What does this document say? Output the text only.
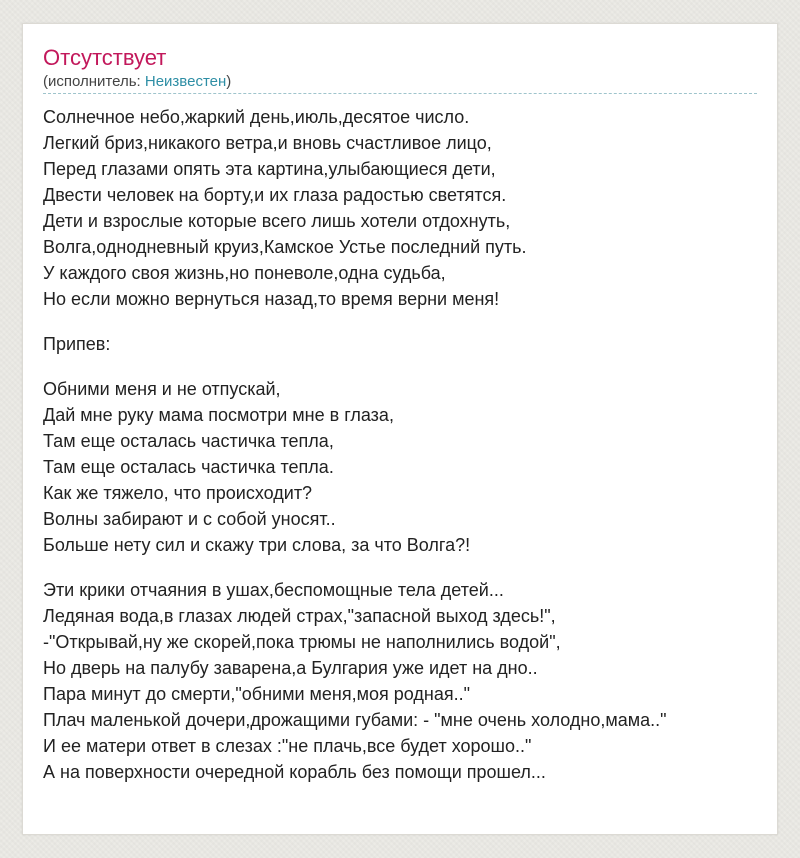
Отсутствует
(исполнитель: Неизвестен)
Солнечное небо,жаркий день,июль,десятое число.
Легкий бриз,никакого ветра,и вновь счастливое лицо,
Перед глазами опять эта картина,улыбающиеся дети,
Двести человек на борту,и их глаза радостью светятся.
Дети и взрослые которые всего лишь хотели отдохнуть,
Волга,однодневный круиз,Камское Устье последний путь.
У каждого своя жизнь,но поневоле,одна судьба,
Но если можно вернуться назад,то время верни меня!
Припев:
Обними меня и не отпускай,
Дай мне руку мама посмотри мне в глаза,
Там еще осталась частичка тепла,
Там еще осталась частичка тепла.
Как же тяжело, что происходит?
Волны забирают и с собой уносят..
Больше нету сил и скажу три слова, за что Волга?!
Эти крики отчаяния в ушах,беспомощные тела детей...
Ледяная вода,в глазах людей страх,"запасной выход здесь!",
-"Открывай,ну же скорей,пока трюмы не наполнились водой",
Но дверь на палубу заварена,а Булгария уже идет на дно..
Пара минут до смерти,"обними меня,моя родная.."
Плач маленькой дочери,дрожащими губами: - "мне очень холодно,мама.."
И ее матери ответ в слезах :"не плачь,все будет хорошо.."
А на поверхности очередной корабль без помощи прошел...
